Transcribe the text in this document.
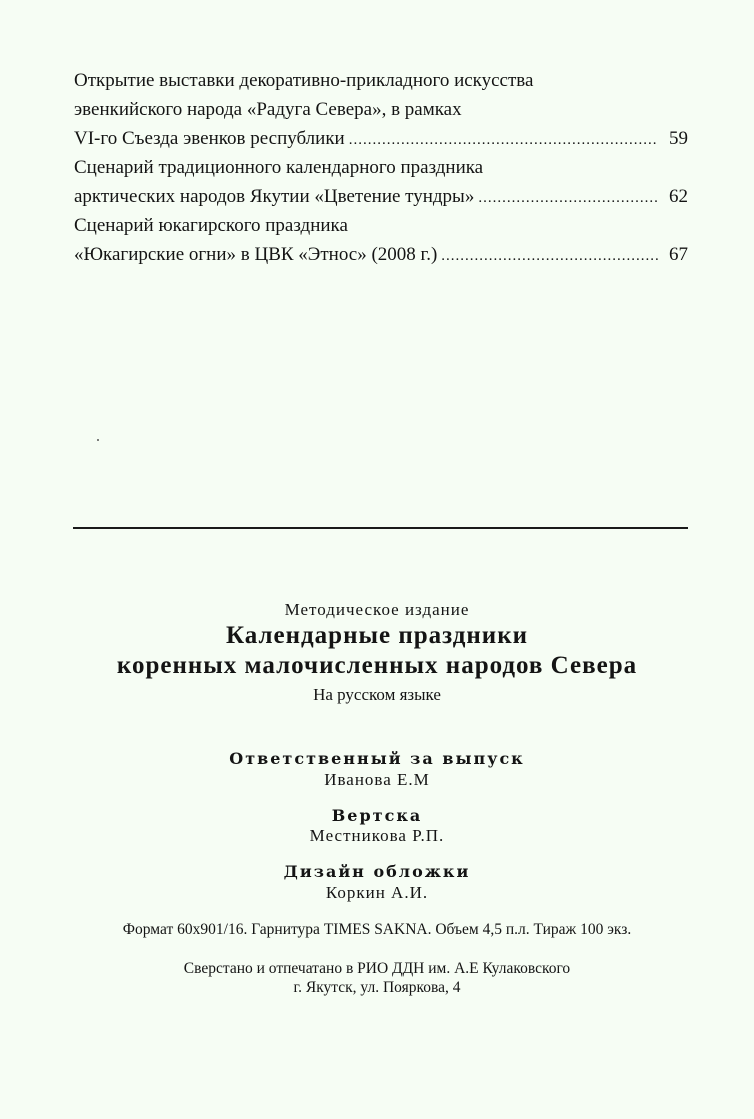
Открытие выставки декоративно-прикладного искусства
эвенкийского народа «Радуга Севера», в рамках
VI-го Съезда эвенков республики .....	59
Сценарий традиционного календарного праздника
арктических народов Якутии «Цветение тундры» .....	62
Сценарий юкагирского праздника
«Юкагирские огни» в ЦВК «Этнос» (2008 г.) .....	67
Методическое издание
Календарные праздники
коренных малочисленных народов Севера
На русском языке
Ответственный за выпуск
Иванова Е.М
Вертска
Местникова Р.П.
Дизайн обложки
Коркин А.И.
Формат 60x901/16. Гарнитура TIMES SAKNA. Объем 4,5 п.л. Тираж 100 экз.
Сверстано и отпечатано в РИО ДДН им. А.Е Кулаковского
г. Якутск, ул. Пояркова, 4
